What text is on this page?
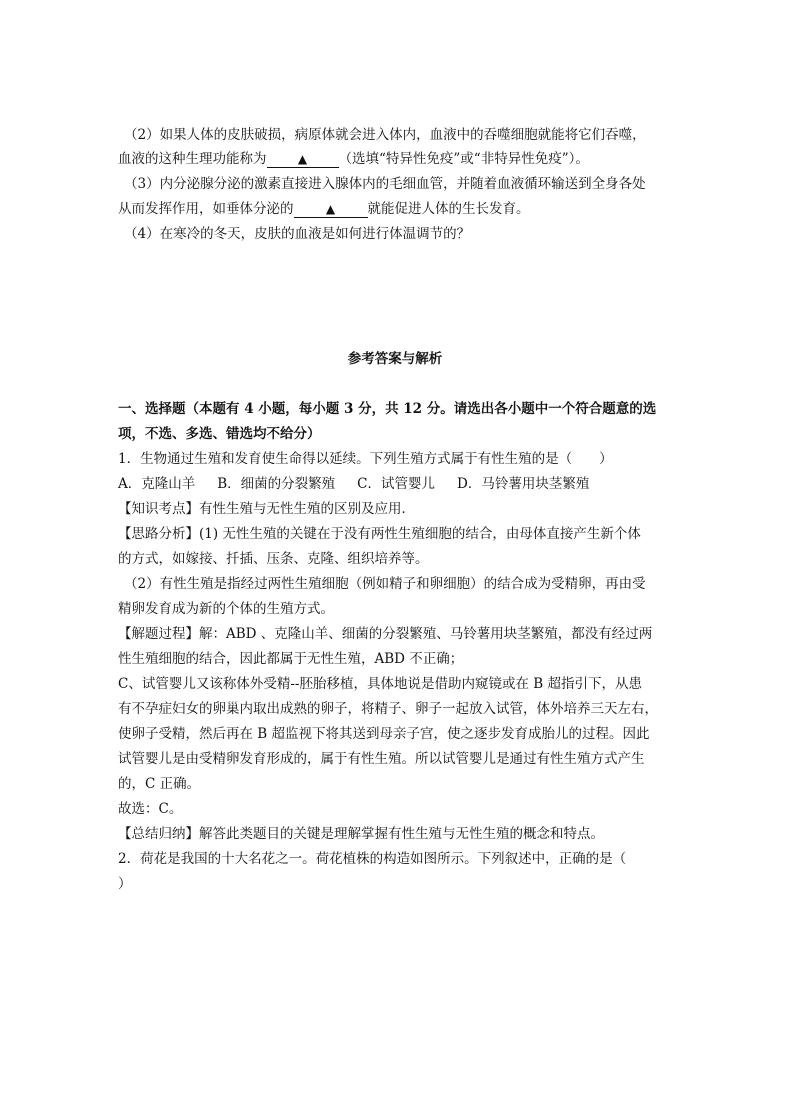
（2）如果人体的皮肤破损，病原体就会进入体内，血液中的吞噬细胞就能将它们吞噬，
血液的这种生理功能称为	▲ （选填“特异性免疫”或“非特异性免疫”）。
（3）内分泌腺分泌的激素直接进入腺体内的毛细血管，并随着血液循环输送到全身各处
从而发挥作用，如垂体分泌的	▲ 就能促进人体的生长发育。
（4）在寒冷的冬天，皮肤的血液是如何进行体温调节的？
参考答案与解析
一、选择题（本题有 4 小题，每小题 3 分，共 12 分。请选出各小题中一个符合题意的选
项，不选、多选、错选均不给分）
1．生物通过生殖和发育使生命得以延续。下列生殖方式属于有性生殖的是（　　）
A．克隆山羊 B．细菌的分裂繁殖 C．试管婴儿 D．马铃薯用块茎繁殖
【知识考点】有性生殖与无性生殖的区别及应用．
【思路分析】(1) 无性生殖的关键在于没有两性生殖细胞的结合，由母体直接产生新个体
的方式，如嫁接、扦插、压条、克隆、组织培养等。
（2）有性生殖是指经过两性生殖细胞（例如精子和卵细胞）的结合成为受精卵，再由受
精卵发育成为新的个体的生殖方式。
【解题过程】解：ABD 、克隆山羊、细菌的分裂繁殖、马铃薯用块茎繁殖，都没有经过两
性生殖细胞的结合，因此都属于无性生殖，ABD 不正确；
C、试管婴儿又该称体外受精--胚胎移植，具体地说是借助内窥镜或在 B 超指引下，从患
有不孕症妇女的卵巢内取出成熟的卵子，将精子、卵子一起放入试管，体外培养三天左右，
使卵子受精，然后再在 B 超监视下将其送到母亲子宫，使之逐步发育成胎儿的过程。因此
试管婴儿是由受精卵发育形成的，属于有性生殖。所以试管婴儿是通过有性生殖方式产生
的，C 正确。
故选：C。
【总结归纳】解答此类题目的关键是理解掌握有性生殖与无性生殖的概念和特点。
2．荷花是我国的十大名花之一。荷花植株的构造如图所示。下列叙述中，正确的是（
）
